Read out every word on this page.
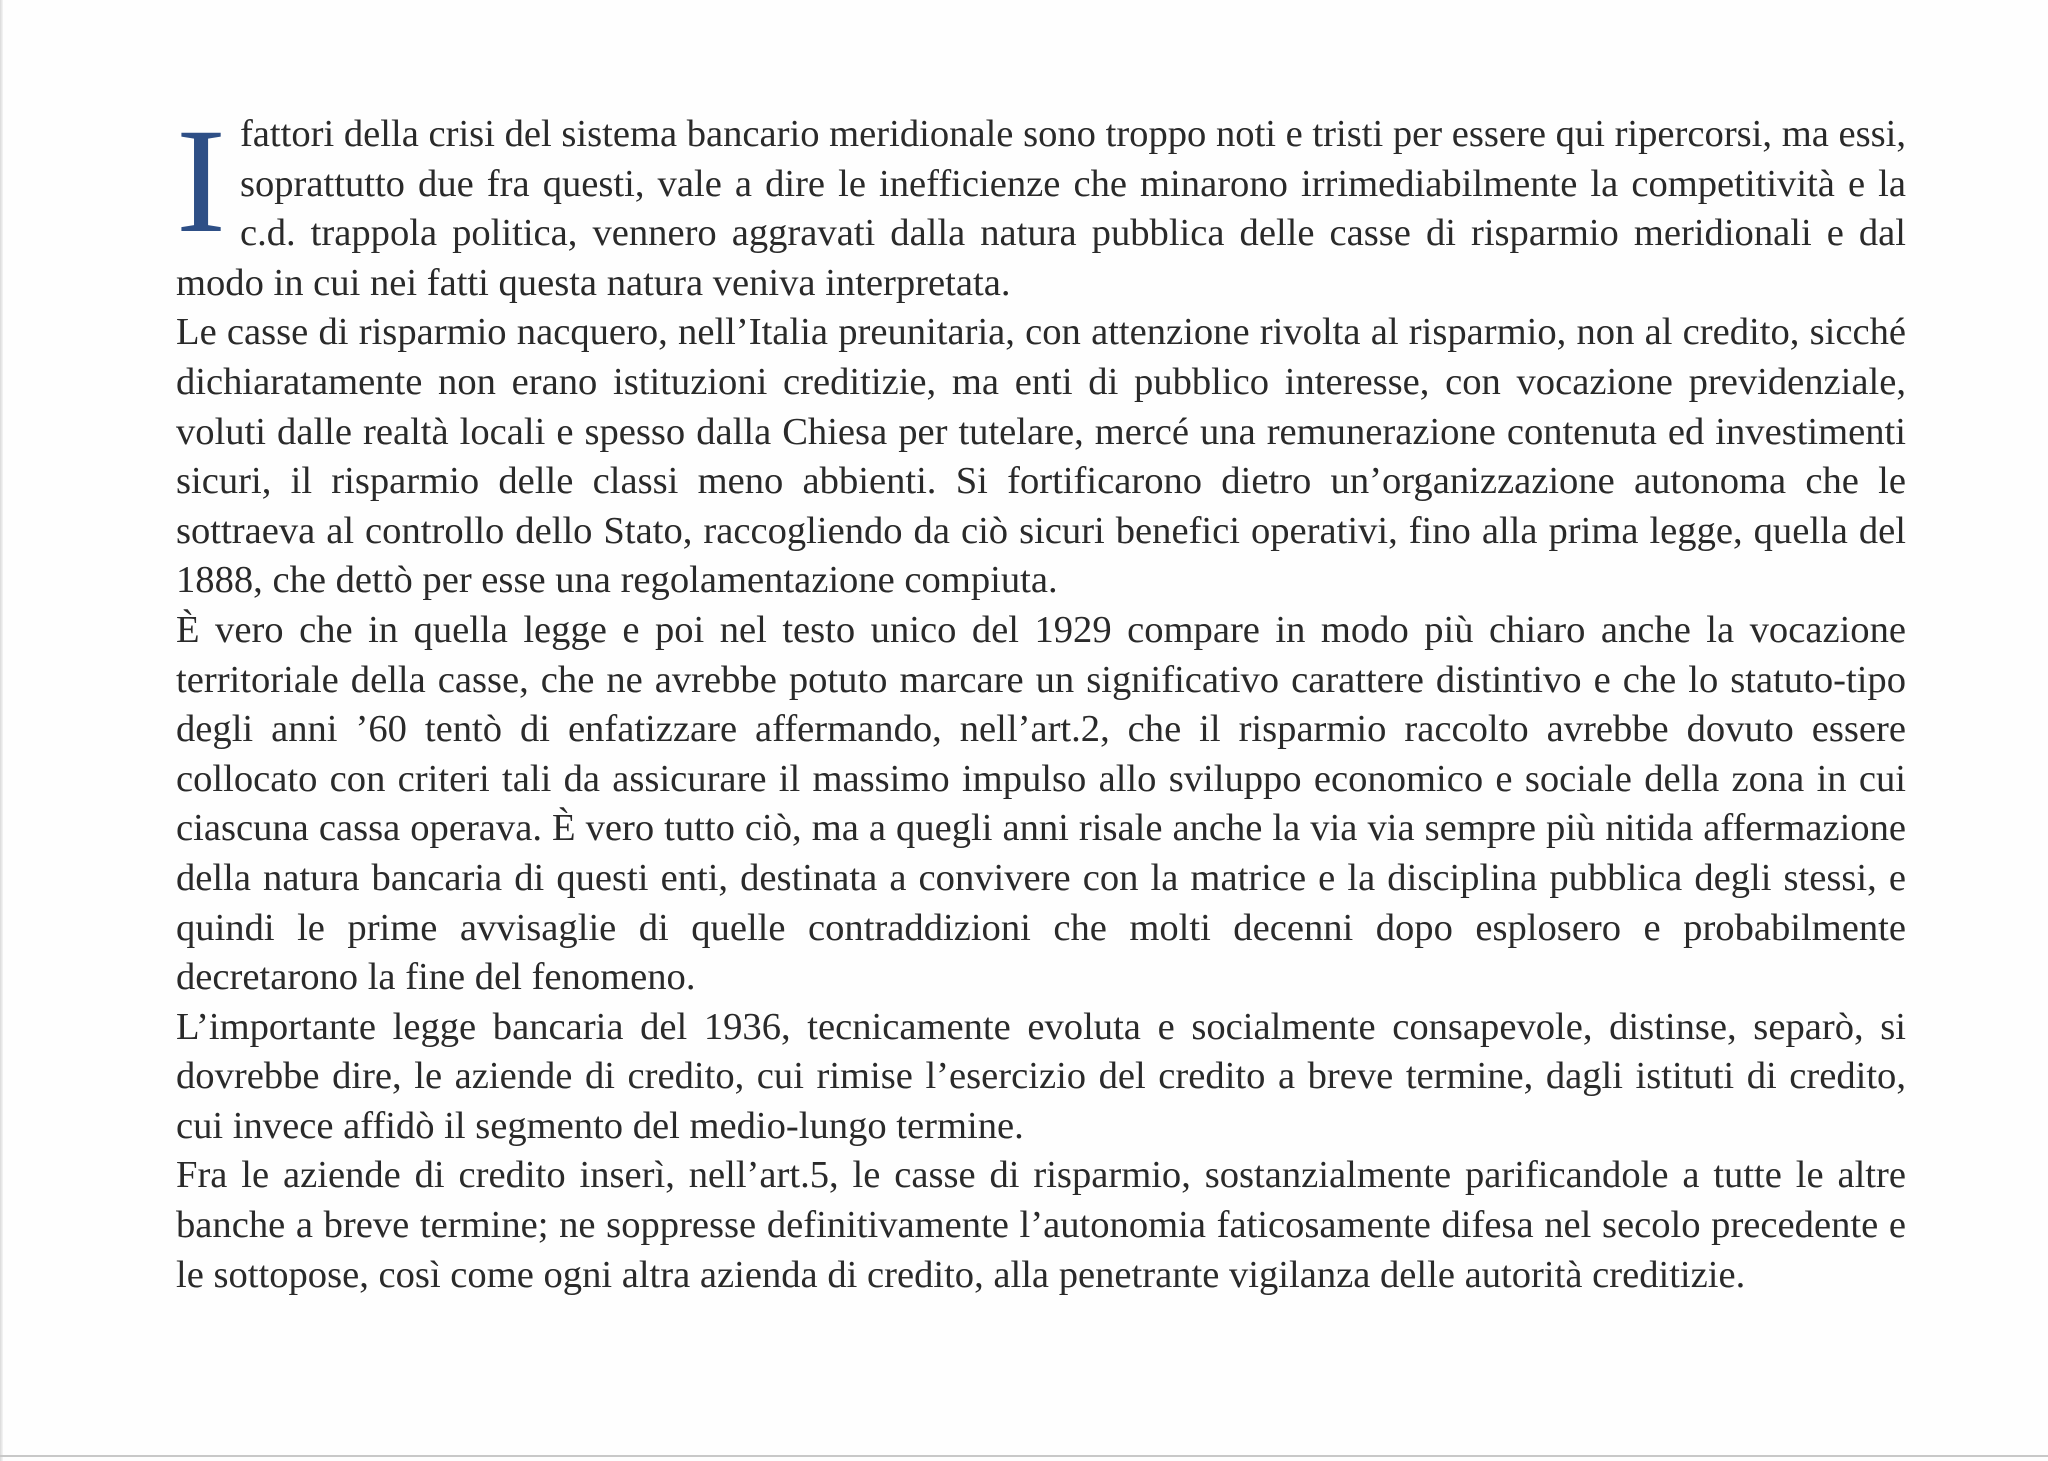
I fattori della crisi del sistema bancario meridionale sono troppo noti e tristi per essere qui ripercorsi, ma essi, soprattutto due fra questi, vale a dire le inefficienze che minarono irrimediabilmente la competitività e la c.d. trappola politica, vennero aggravati dalla natura pubblica delle casse di risparmio meridionali e dal modo in cui nei fatti questa natura veniva interpretata.

Le casse di risparmio nacquero, nell’Italia preunitaria, con attenzione rivolta al risparmio, non al credito, sicché dichiaratamente non erano istituzioni creditizie, ma enti di pubblico interesse, con vocazione previdenziale, voluti dalle realtà locali e spesso dalla Chiesa per tutelare, mercé una remunerazione contenuta ed investimenti sicuri, il risparmio delle classi meno abbienti. Si fortificarono dietro un’organizzazione autonoma che le sottraeva al controllo dello Stato, raccogliendo da ciò sicuri benefici operativi, fino alla prima legge, quella del 1888, che dettò per esse una regolamentazione compiuta.

È vero che in quella legge e poi nel testo unico del 1929 compare in modo più chiaro anche la vocazione territoriale della casse, che ne avrebbe potuto marcare un significativo carattere distintivo e che lo statuto-tipo degli anni ’60 tentò di enfatizzare affermando, nell’art.2, che il risparmio raccolto avrebbe dovuto essere collocato con criteri tali da assicurare il massimo impulso allo sviluppo economico e sociale della zona in cui ciascuna cassa operava. È vero tutto ciò, ma a quegli anni risale anche la via via sempre più nitida affermazione della natura bancaria di questi enti, destinata a convivere con la matrice e la disciplina pubblica degli stessi, e quindi le prime avvisaglie di quelle contraddizioni che molti decenni dopo esplosero e probabilmente decretarono la fine del fenomeno.

L’importante legge bancaria del 1936, tecnicamente evoluta e socialmente consapevole, distinse, separò, si dovrebbe dire, le aziende di credito, cui rimise l’esercizio del credito a breve termine, dagli istituti di credito, cui invece affidò il segmento del medio-lungo termine.

Fra le aziende di credito inserì, nell’art.5, le casse di risparmio, sostanzialmente parificandole a tutte le altre banche a breve termine; ne soppresse definitivamente l’autonomia faticosamente difesa nel secolo precedente e le sottopose, così come ogni altra azienda di credito, alla penetrante vigilanza delle autorità creditizie.
